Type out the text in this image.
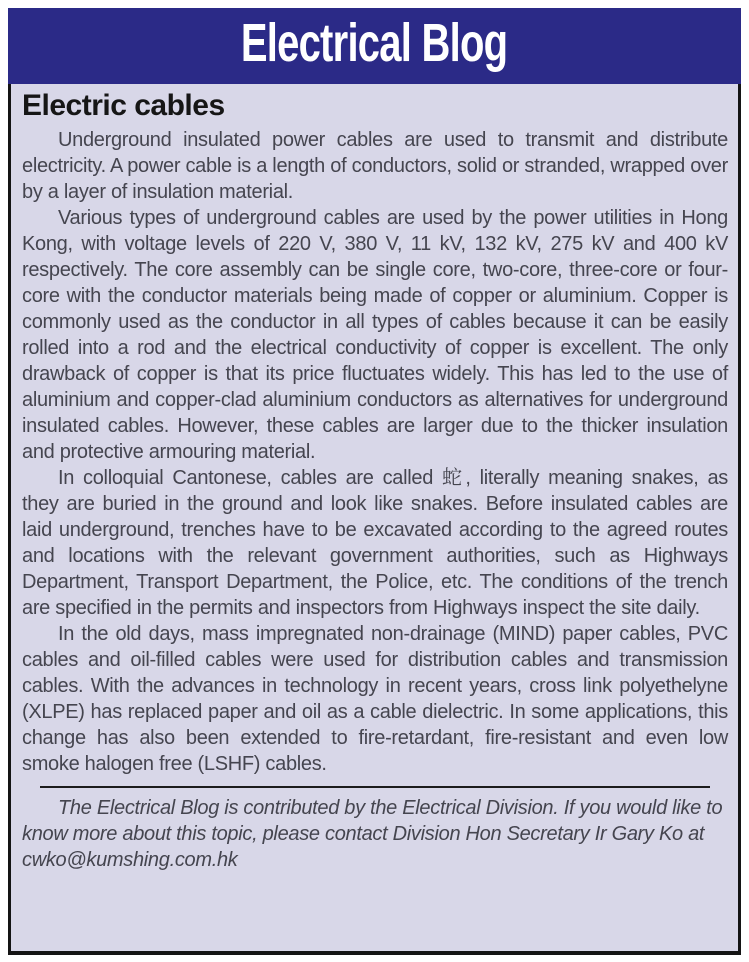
Electrical Blog
Electric cables

Underground insulated power cables are used to transmit and distribute electricity. A power cable is a length of conductors, solid or stranded, wrapped over by a layer of insulation material.

Various types of underground cables are used by the power utilities in Hong Kong, with voltage levels of 220 V, 380 V, 11 kV, 132 kV, 275 kV and 400 kV respectively. The core assembly can be single core, two-core, three-core or four-core with the conductor materials being made of copper or aluminium. Copper is commonly used as the conductor in all types of cables because it can be easily rolled into a rod and the electrical conductivity of copper is excellent. The only drawback of copper is that its price fluctuates widely. This has led to the use of aluminium and copper-clad aluminium conductors as alternatives for underground insulated cables. However, these cables are larger due to the thicker insulation and protective armouring material.

In colloquial Cantonese, cables are called 蛇, literally meaning snakes, as they are buried in the ground and look like snakes. Before insulated cables are laid underground, trenches have to be excavated according to the agreed routes and locations with the relevant government authorities, such as Highways Department, Transport Department, the Police, etc. The conditions of the trench are specified in the permits and inspectors from Highways inspect the site daily.

In the old days, mass impregnated non-drainage (MIND) paper cables, PVC cables and oil-filled cables were used for distribution cables and transmission cables. With the advances in technology in recent years, cross link polyethelyne (XLPE) has replaced paper and oil as a cable dielectric. In some applications, this change has also been extended to fire-retardant, fire-resistant and even low smoke halogen free (LSHF) cables.

The Electrical Blog is contributed by the Electrical Division. If you would like to know more about this topic, please contact Division Hon Secretary Ir Gary Ko at cwko@kumshing.com.hk
